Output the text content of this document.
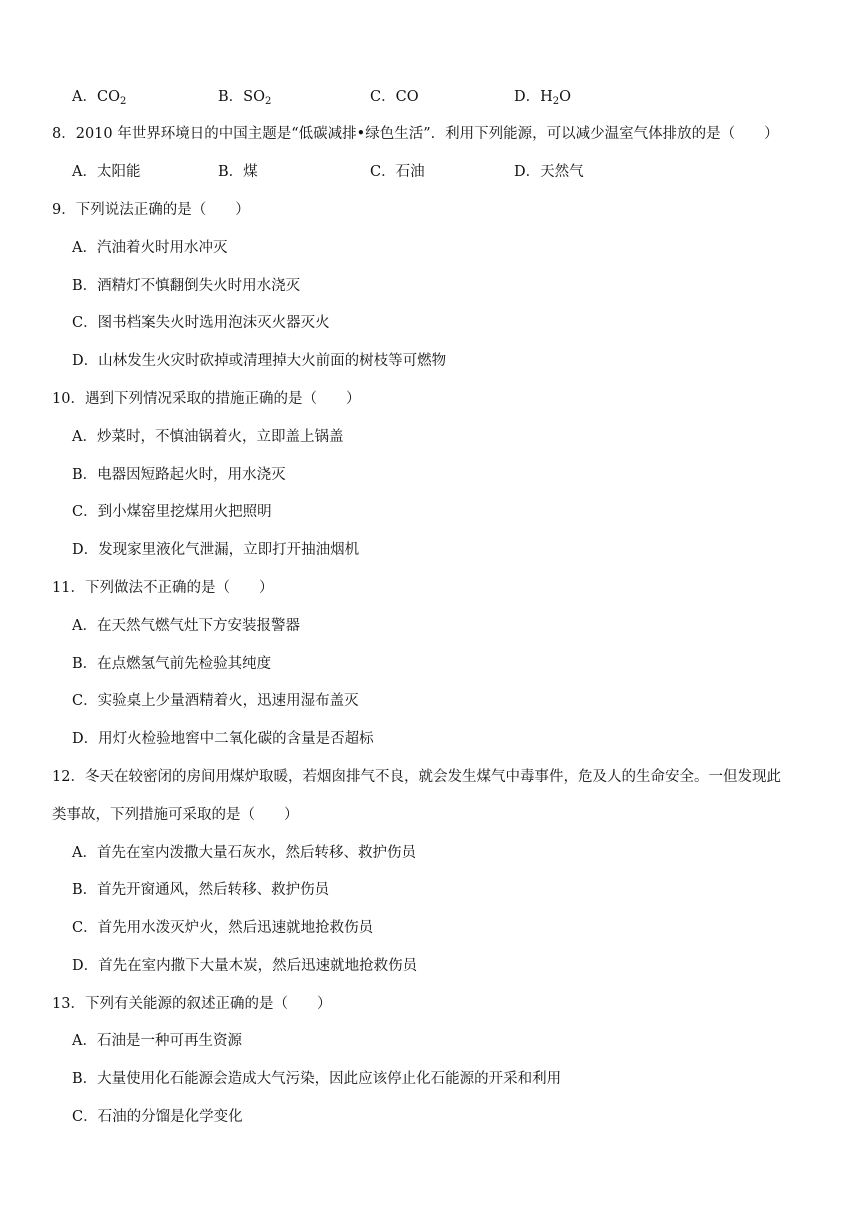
A．$CO_2$	B．$SO_2$	C．CO	D．$H_2O$
8．2010 年世界环境日的中国主题是“低碳减排•绿色生活”．利用下列能源，可以减少温室气体排放的是（　　）
A．太阳能	B．煤	C．石油	D．天然气
9．下列说法正确的是（　　）
A．汽油着火时用水冲灭
B．酒精灯不慎翻倒失火时用水浇灭
C．图书档案失火时选用泡沫灭火器灭火
D．山林发生火灾时砍掉或清理掉大火前面的树枝等可燃物
10．遇到下列情况采取的措施正确的是（　　）
A．炒菜时，不慎油锅着火，立即盖上锅盖
B．电器因短路起火时，用水浇灭
C．到小煤窑里挖煤用火把照明
D．发现家里液化气泄漏，立即打开抽油烟机
11．下列做法不正确的是（　　）
A．在天然气燃气灶下方安装报警器
B．在点燃氢气前先检验其纯度
C．实验桌上少量酒精着火，迅速用湿布盖灭
D．用灯火检验地窖中二氧化碳的含量是否超标
12．冬天在较密闭的房间用煤炉取暖，若烟囱排气不良，就会发生煤气中毒事件，危及人的生命安全。一但发现此
类事故，下列措施可采取的是（　　）
A．首先在室内泼撒大量石灰水，然后转移、救护伤员
B．首先开窗通风，然后转移、救护伤员
C．首先用水泼灭炉火，然后迅速就地抢救伤员
D．首先在室内撒下大量木炭，然后迅速就地抢救伤员
13．下列有关能源的叙述正确的是（　　）
A．石油是一种可再生资源
B．大量使用化石能源会造成大气污染，因此应该停止化石能源的开采和利用
C．石油的分馏是化学变化
